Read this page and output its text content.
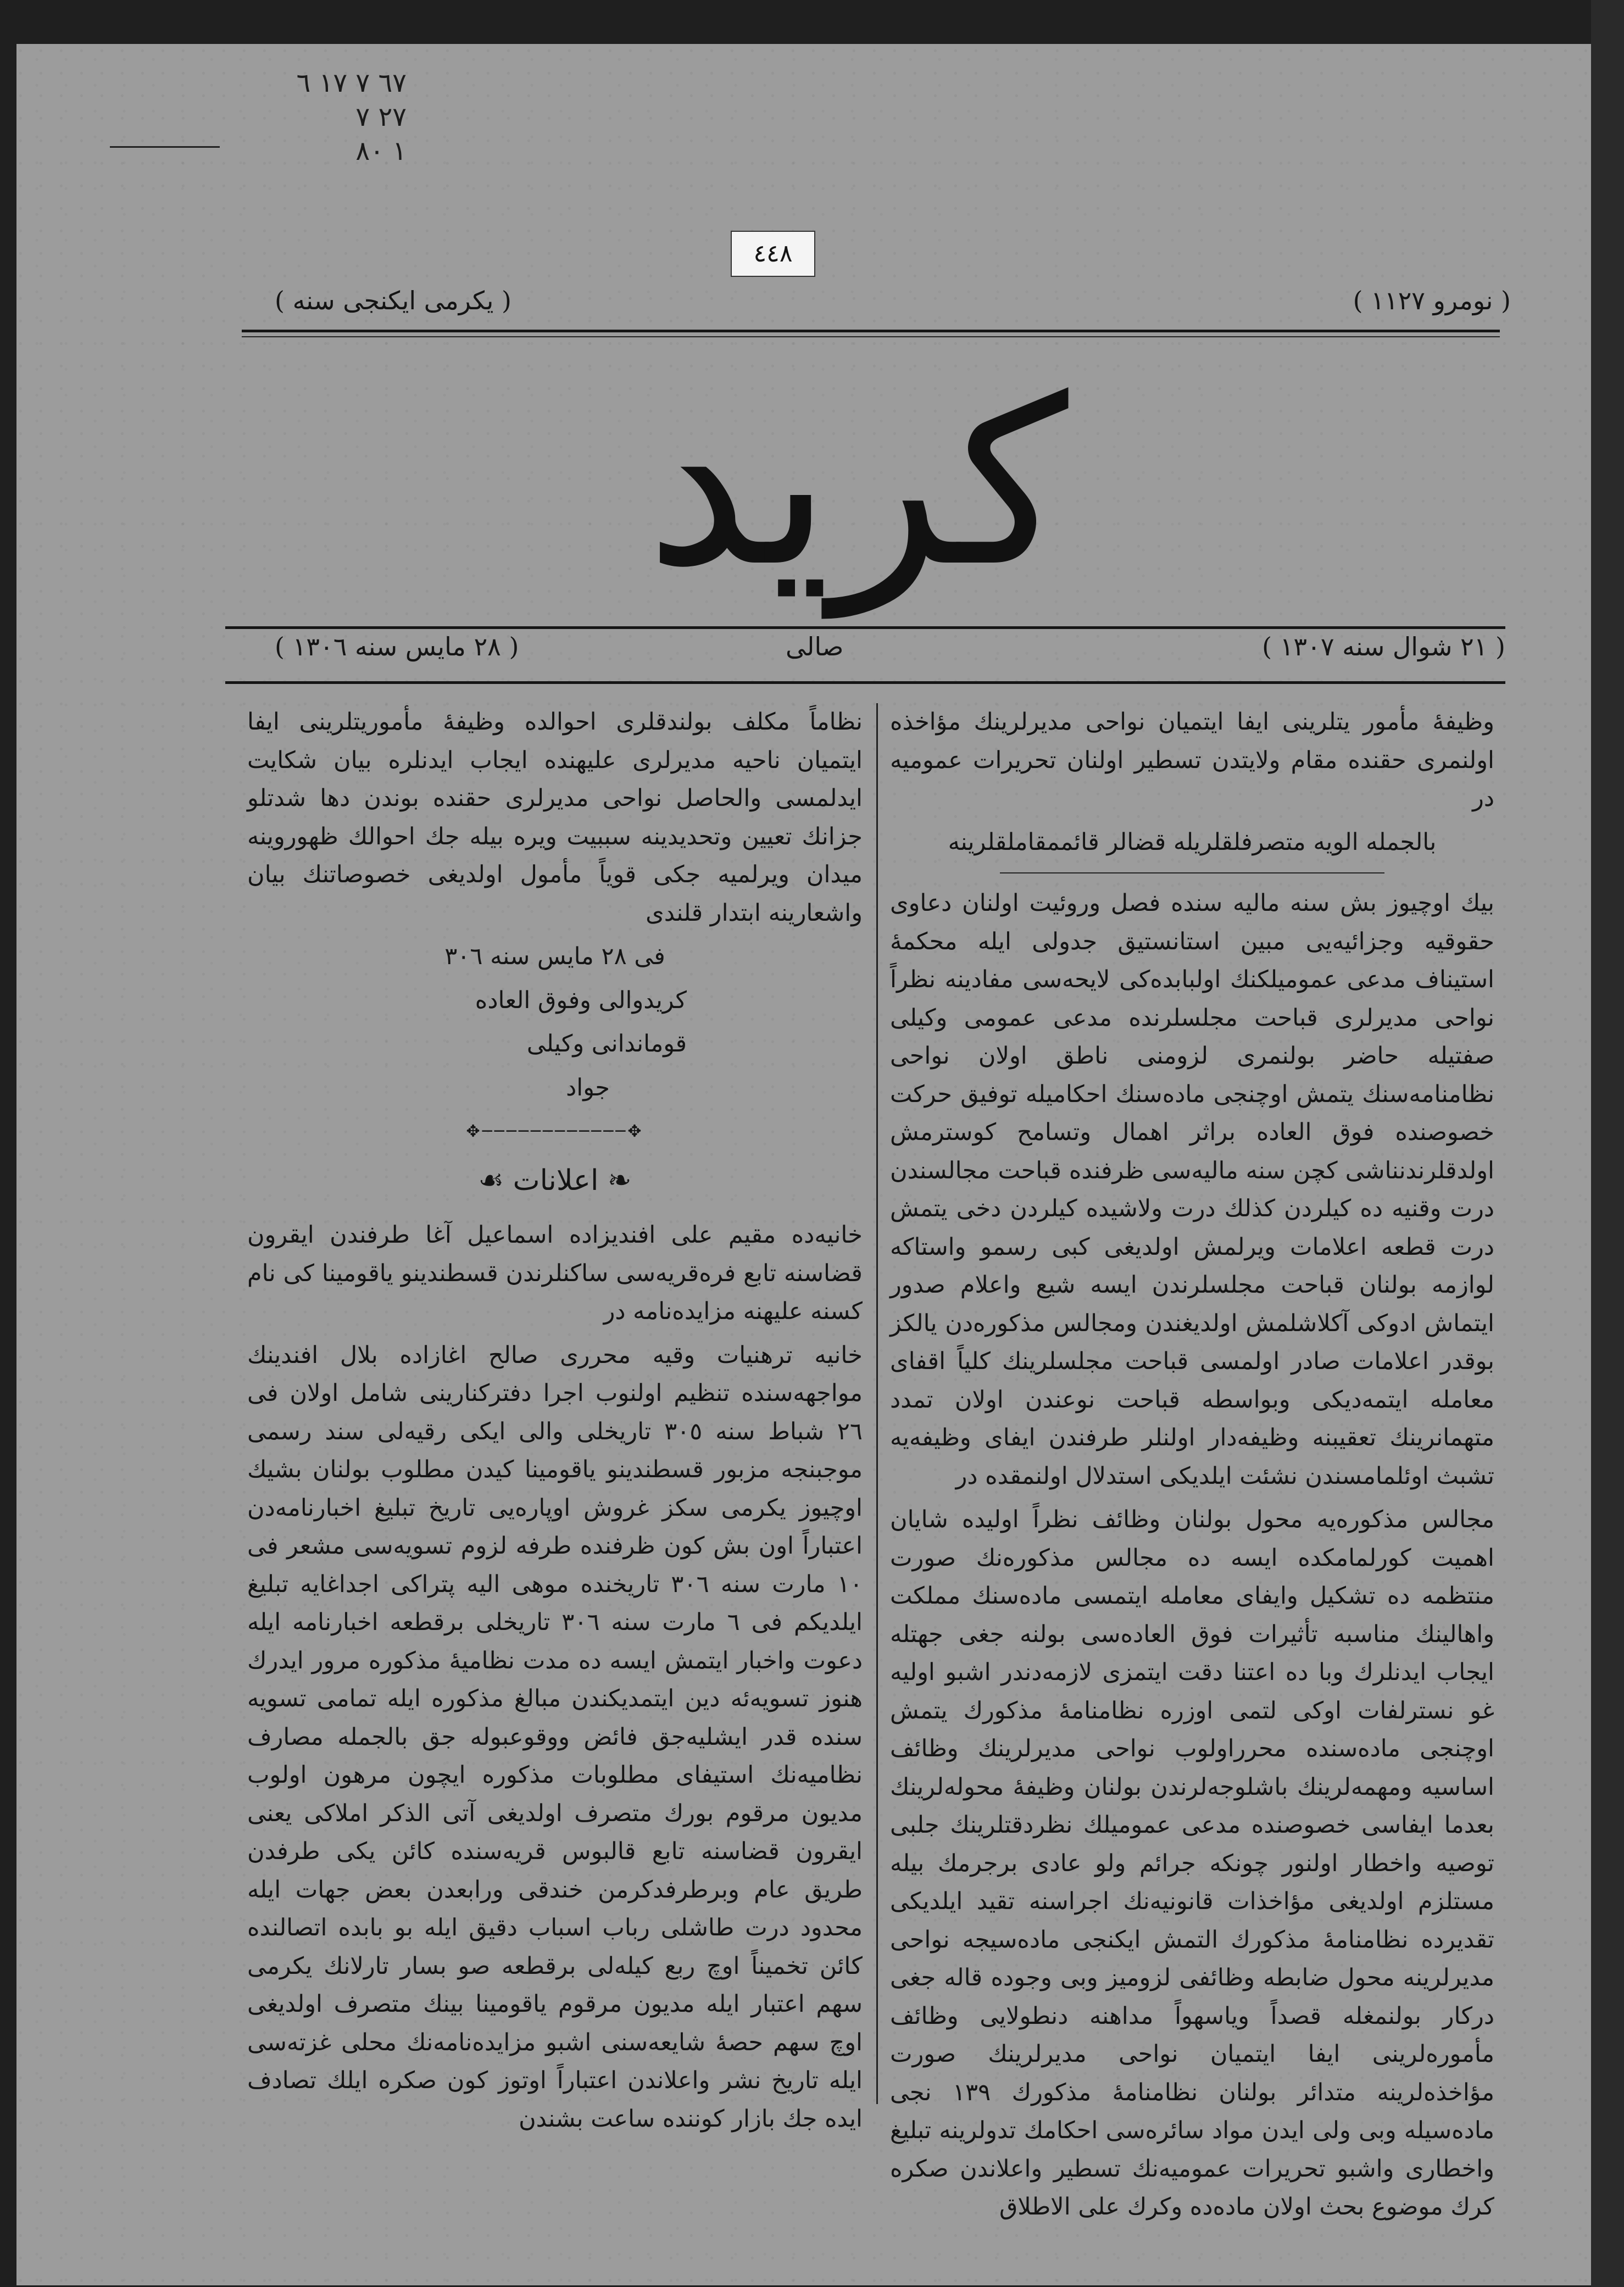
٦٧ ٧ ١٧ ٦
٢٧ ٧
١ ٨٠
٤٤٨
( نومرو ١١٢٧ )
( یکرمی ایکنجی سنه )
کرید
( ٢١ شوال سنه ١٣٠٧ )
صالی
( ٢٨ مایس سنه ١٣٠٦ )

وظیفهٔ مأمور یتلرینی ایفا ایتمیان نواحی مدیرلرینك مؤاخذه اولنمری حقنده مقام ولایتدن تسطیر اولنان تحریرات عمومیه در

بالجمله الویه متصرفلقلریله قضالر قائممقاملقلرینه

بیك اوچیوز بش سنه مالیه سنده فصل وروئیت اولنان دعاوی حقوقیه وجزائیه‌یی مبین استانستیق جدولی ایله محکمهٔ استیناف مدعی عمومیلکنك اولبابده‌کی لایحه‌سی مفادینه نظراً نواحی مدیرلری قباحت مجلسلرنده مدعی عمومی وکیلی صفتیله حاضر بولنمری لزومنی ناطق اولان نواحی نظامنامه‌سنك یتمش اوچنجی ماده‌سنك احکامیله توفیق حرکت خصوصنده فوق العاده براثر اهمال وتسامح کوسترمش اولدقلرندنناشی کچن سنه مالیه‌سی ظرفنده قباحت مجالسندن درت وقنیه ده کیلردن کذلك درت ولاشیده کیلردن دخی یتمش درت قطعه اعلامات ویرلمش اولدیغی کبی رسمو واستاکه لوازمه بولنان قباحت مجلسلرندن ایسه شیع واعلام صدور ایتماش ادوکی آکلاشلمش اولدیغندن ومجالس مذکوره‌دن یالکز بوقدر اعلامات صادر اولمسی قباحت مجلسلرینك کلیاً اقفای معامله ایتمه‌دیکی وبواسطه قباحت نوعندن اولان تمدد متهمانرینك تعقیبنه وظیفه‌دار اولنلر طرفندن ایفای وظیفه‌یه تشبث اوئلمامسندن نشئت ایلدیکی استدلال اولنمقده در

مجالس مذکوره‌یه محول بولنان وظائف نظراً اولیده شایان اهمیت کورلمامکده ایسه ده مجالس مذکوره‌نك صورت منتظمه ده تشکیل وایفای معامله ایتمسی ماده‌سنك مملکت واهالینك مناسبه تأثیرات فوق العاده‌سی بولنه جغی جهتله ایجاب ایدنلرك وبا ده اعتنا دقت ایتمزی لازمه‌دندر اشبو اولیه غو نسترلفات اوکی لتمی اوزره نظامنامهٔ مذکورك یتمش اوچنجی ماده‌سنده محرراولوب نواحی مدیرلرینك وظائف اساسیه ومهمه‌لرینك باشلوجه‌لرندن بولنان وظیفهٔ محوله‌لرینك بعدما ایفاسی خصوصنده مدعی عمومیلك نظردقتلرینك جلبی توصیه واخطار اولنور چونکه جرائم ولو عادی برجرمك بیله مستلزم اولدیغی مؤاخذات قانونیه‌نك اجراسنه تقید ایلدیکی تقدیرده نظامنامهٔ مذکورك التمش ایکنجی ماده‌سیجه نواحی مدیرلرینه محول ضابطه وظائفی لزومیز وبی وجوده قاله جغی درکار بولنمغله قصداً ویاسهواً مداهنه دنطولایی وظائف مأموره‌لرینی ایفا ایتمیان نواحی مدیرلرینك صورت مؤاخذه‌لرینه متدائر بولنان نظامنامهٔ مذکورك ١٣٩ نجی ماده‌سیله وبی ولی ایدن مواد سائره‌سی احکامك تدولرینه تبلیغ واخطاری واشبو تحریرات عمومیه‌نك تسطیر واعلاندن صکره کرك موضوع بحث اولان ماده‌ده وکرك علی الاطلاق

نظاماً مکلف بولندقلری احوالده وظیفهٔ مأموریتلرینی ایفا ایتمیان ناحیه مدیرلری علیهنده ایجاب ایدنلره بیان شکایت ایدلمسی والحاصل نواحی مدیرلری حقنده بوندن دها شدتلو جزانك تعیین وتحدیدینه سببیت ویره بیله جك احوالك ظهوروینه میدان ویرلمیه جکی قویاً مأمول اولدیغی خصوصاتنك بیان واشعارینه ابتدار قلندی

فی ٢٨ مایس سنه ٣٠٦

کریدوالی وفوق العاده

قوماندانی وکیلی

جواد

✥────────────✥
❧ اعلانات ☙

خانیه‌ده مقیم علی افندیزاده اسماعیل آغا طرفندن ایقرون قضاسنه تابع فره‌قریه‌سی ساکنلرندن قسطندینو یاقومینا کی نام کسنه علیهنه مزایده‌نامه در

خانیه ترهنیات وقیه محرری صالح اغازاده بلال افندینك مواجهه‌سنده تنظیم اولنوب اجرا دفترکنارینی شامل اولان فی ٢٦ شباط سنه ٣٠٥ تاریخلی والی ایکی رقیه‌لی سند رسمی موجبنجه مزبور قسطندینو یاقومینا کیدن مطلوب بولنان بشیك اوچیوز یکرمی سکز غروش اوپاره‌یی تاریخ تبلیغ اخبارنامه‌دن اعتباراً اون بش کون ظرفنده طرفه لزوم تسویه‌سی مشعر فی ١٠ مارت سنه ٣٠٦ تاریخنده موهی الیه پتراکی اجداغایه تبلیغ ایلدیکم فی ٦ مارت سنه ٣٠٦ تاریخلی برقطعه اخبارنامه ایله دعوت واخبار ایتمش ایسه ده مدت نظامیهٔ مذکوره مرور ایدرك هنوز تسویه‌ئه دین ایتمدیکندن مبالغ مذکوره ایله تمامی تسویه سنده قدر ایشلیه‌جق فائض ووقوعبوله جق بالجمله مصارف نظامیه‌نك استیفای مطلوبات مذکوره ایچون مرهون اولوب مدیون مرقوم بورك متصرف اولدیغی آتی الذکر املاکی یعنی ایقرون قضاسنه تابع قالبوس قریه‌سنده کائن یکی طرفدن طریق عام وبرطرفدکرمن خندقی ورابعدن بعض جهات ایله محدود درت طاشلی رباب اسباب دقیق ایله بو بابده اتصالنده کائن تخمیناً اوچ ربع کیله‌لی برقطعه صو بسار تارلانك یکرمی سهم اعتبار ایله مدیون مرقوم یاقومینا بینك متصرف اولدیغی اوچ سهم حصهٔ شایعه‌سنی اشبو مزایده‌نامه‌نك محلی غزته‌سی ایله تاریخ نشر واعلاندن اعتباراً اوتوز کون صکره ایلك تصادف ایده جك بازار کوننده ساعت بشندن
